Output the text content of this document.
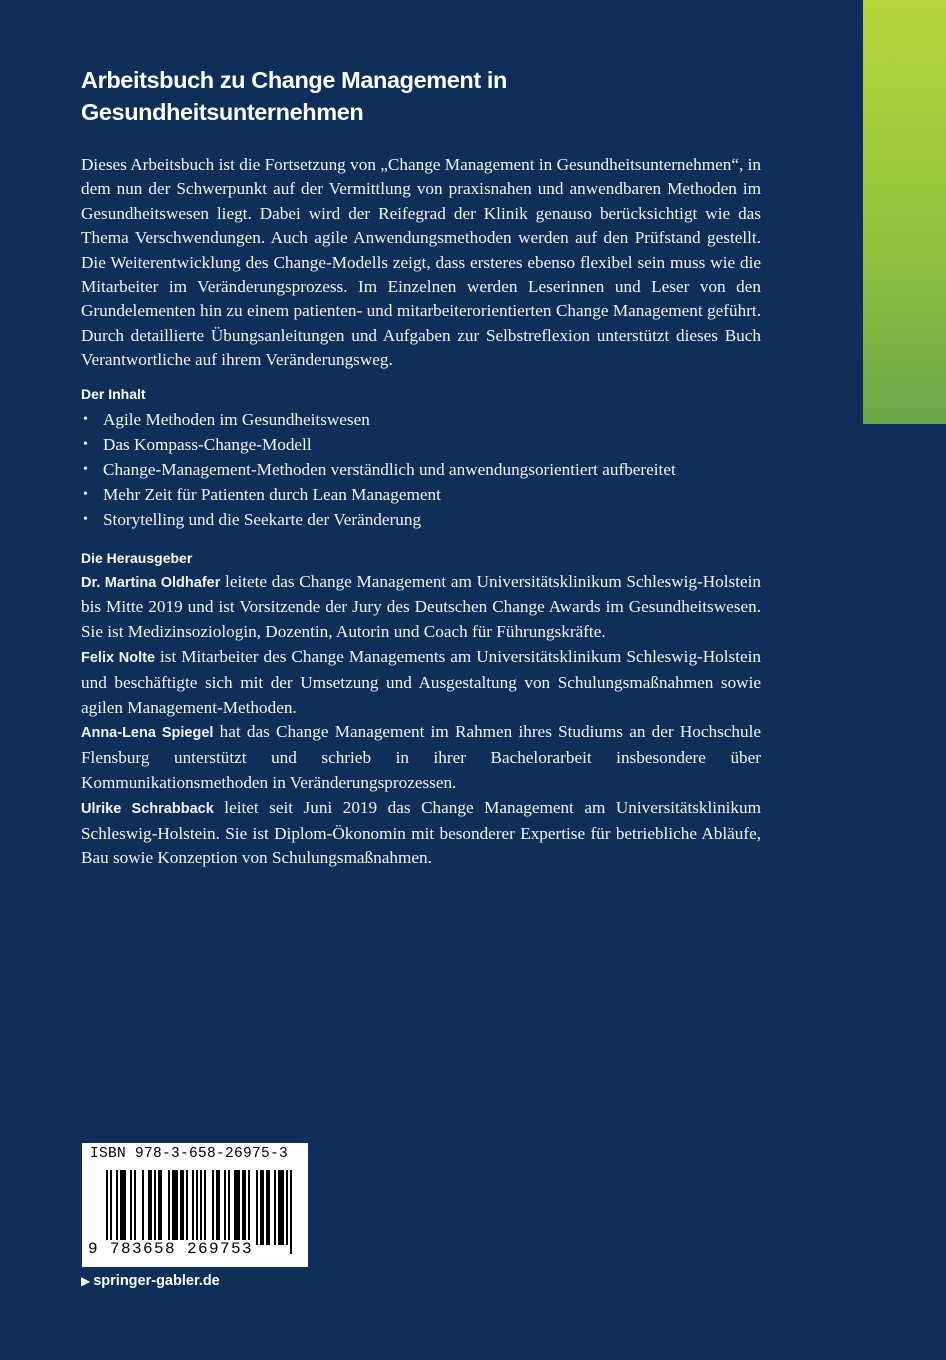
Arbeitsbuch zu Change Management in Gesundheitsunternehmen

Dieses Arbeitsbuch ist die Fortsetzung von „Change Management in Gesundheitsunternehmen“, in dem nun der Schwerpunkt auf der Vermittlung von praxisnahen und anwendbaren Methoden im Gesundheitswesen liegt. Dabei wird der Reifegrad der Klinik genauso berücksichtigt wie das Thema Verschwendungen. Auch agile Anwendungsmethoden werden auf den Prüfstand gestellt. Die Weiterentwicklung des Change-Modells zeigt, dass ersteres ebenso flexibel sein muss wie die Mitarbeiter im Veränderungsprozess. Im Einzelnen werden Leserinnen und Leser von den Grundelementen hin zu einem patienten- und mitarbeiterorientierten Change Management geführt. Durch detaillierte Übungsanleitungen und Aufgaben zur Selbstreflexion unterstützt dieses Buch Verantwortliche auf ihrem Veränderungsweg.

Der Inhalt
• Agile Methoden im Gesundheitswesen
• Das Kompass-Change-Modell
• Change-Management-Methoden verständlich und anwendungsorientiert aufbereitet
• Mehr Zeit für Patienten durch Lean Management
• Storytelling und die Seekarte der Veränderung
Die Herausgeber

Dr. Martina Oldhafer leitete das Change Management am Universitätsklinikum Schleswig-Holstein bis Mitte 2019 und ist Vorsitzende der Jury des Deutschen Change Awards im Gesundheitswesen. Sie ist Medizinsoziologin, Dozentin, Autorin und Coach für Führungskräfte.

Felix Nolte ist Mitarbeiter des Change Managements am Universitätsklinikum Schleswig-Holstein und beschäftigte sich mit der Umsetzung und Ausgestaltung von Schulungsmaßnahmen sowie agilen Management-Methoden.

Anna-Lena Spiegel hat das Change Management im Rahmen ihres Studiums an der Hochschule Flensburg unterstützt und schrieb in ihrer Bachelorarbeit insbesondere über Kommunikationsmethoden in Veränderungsprozessen.

Ulrike Schrabback leitet seit Juni 2019 das Change Management am Universitätsklinikum Schleswig-Holstein. Sie ist Diplom-Ökonomin mit besonderer Expertise für betriebliche Abläufe, Bau sowie Konzeption von Schulungsmaßnahmen.

ISBN 978-3-658-26975-3
9 783658 269753
▶ springer-gabler.de
